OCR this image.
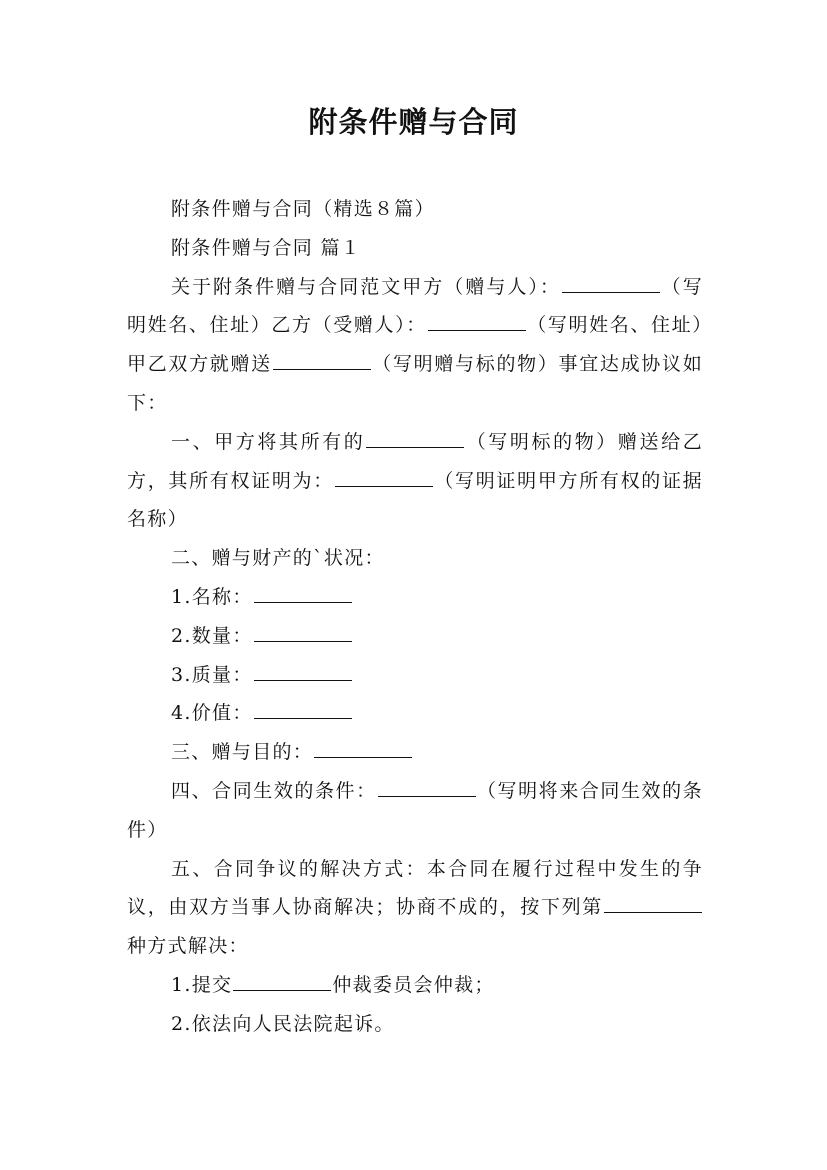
附条件赠与合同

附条件赠与合同（精选８篇）

附条件赠与合同 篇１

关于附条件赠与合同范文甲方（赠与人）：	（写明姓名、住址）乙方（受赠人）：	（写明姓名、住址）甲乙双方就赠送	（写明赠与标的物）事宜达成协议如下：

一、甲方将其所有的	（写明标的物）赠送给乙方，其所有权证明为：	（写明证明甲方所有权的证据名称）

二、赠与财产的`状况：

1.名称：

2.数量：

3.质量：

4.价值：

三、赠与目的：

四、合同生效的条件：	（写明将来合同生效的条件）

五、合同争议的解决方式：本合同在履行过程中发生的争议，由双方当事人协商解决；协商不成的，按下列第种方式解决：

1.提交	仲裁委员会仲裁；

2.依法向人民法院起诉。
